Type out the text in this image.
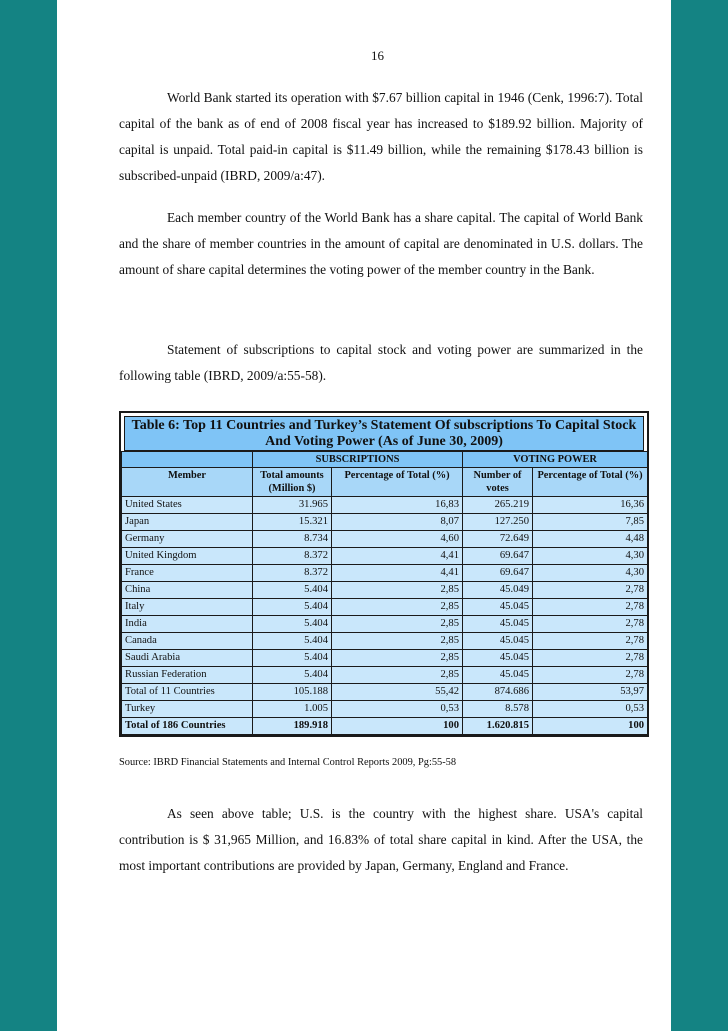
16

World Bank started its operation with $7.67 billion capital in 1946 (Cenk, 1996:7). Total capital of the bank as of end of 2008 fiscal year has increased to $189.92 billion. Majority of capital is unpaid. Total paid-in capital is $11.49 billion, while the remaining $178.43 billion is subscribed-unpaid (IBRD, 2009/a:47).

Each member country of the World Bank has a share capital. The capital of World Bank and the share of member countries in the amount of capital are denominated in U.S. dollars. The amount of share capital determines the voting power of the member country in the Bank.

Statement of subscriptions to capital stock and voting power are summarized in the following table (IBRD, 2009/a:55-58).

Table 6: Top 11 Countries and Turkey’s Statement Of subscriptions To Capital Stock And Voting Power (As of June 30, 2009)
	SUBSCRIPTIONS		VOTING POWER	
Member	Total amounts (Million $)	Percentage of Total (%)	Number of votes	Percentage of Total (%)
United States	31.965	16,83	265.219	16,36
Japan	15.321	8,07	127.250	7,85
Germany	8.734	4,60	72.649	4,48
United Kingdom	8.372	4,41	69.647	4,30
France	8.372	4,41	69.647	4,30
China	5.404	2,85	45.049	2,78
Italy	5.404	2,85	45.045	2,78
India	5.404	2,85	45.045	2,78
Canada	5.404	2,85	45.045	2,78
Saudi Arabia	5.404	2,85	45.045	2,78
Russian Federation	5.404	2,85	45.045	2,78
Total of 11 Countries	105.188	55,42	874.686	53,97
Turkey	1.005	0,53	8.578	0,53
Total of 186 Countries	189.918	100	1.620.815	100
Source: IBRD Financial Statements and Internal Control Reports 2009, Pg:55-58

As seen above table; U.S. is the country with the highest share. USA's capital contribution is $ 31,965 Million, and 16.83% of total share capital in kind. After the USA, the most important contributions are provided by Japan, Germany, England and France.
